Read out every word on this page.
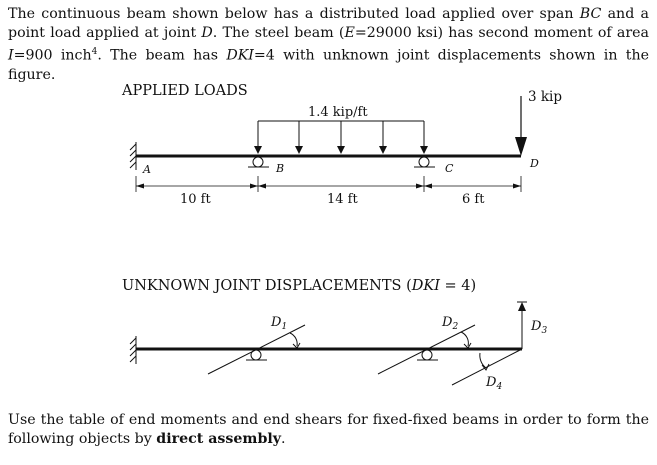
The continuous beam shown below has a distributed load applied over span BC and a point load applied at joint D. The steel beam (E=29000 ksi) has second moment of area I=900 inch$^4$. The beam has DKI=4 with unknown joint displacements shown in the figure.

APPLIED LOADS
1.4 kip/ft
3 kip
A	B	C	D
10 ft	14 ft	6 ft
UNKNOWN JOINT DISPLACEMENTS (DKI = 4)
$D_1$	$D_2$	$D_3$
$D_4$

Use the table of end moments and end shears for fixed-fixed beams in order to form the following objects by direct assembly.
